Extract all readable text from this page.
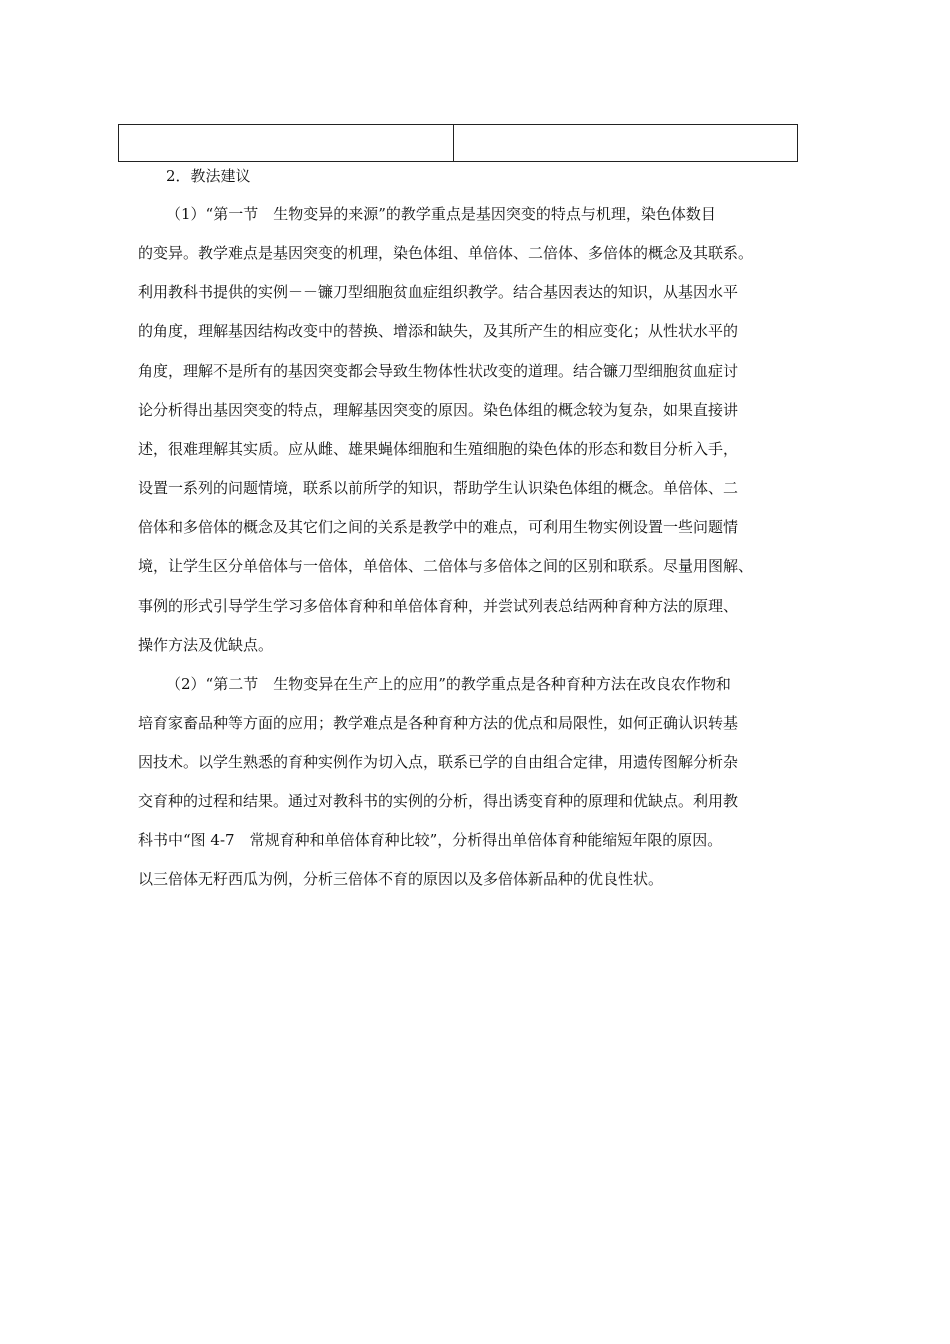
2．教法建议
（1）“第一节　生物变异的来源”的教学重点是基因突变的特点与机理，染色体数目
的变异。教学难点是基因突变的机理，染色体组、单倍体、二倍体、多倍体的概念及其联系。
利用教科书提供的实例－－镰刀型细胞贫血症组织教学。结合基因表达的知识，从基因水平
的角度，理解基因结构改变中的替换、增添和缺失，及其所产生的相应变化；从性状水平的
角度，理解不是所有的基因突变都会导致生物体性状改变的道理。结合镰刀型细胞贫血症讨
论分析得出基因突变的特点，理解基因突变的原因。染色体组的概念较为复杂，如果直接讲
述，很难理解其实质。应从雌、雄果蝇体细胞和生殖细胞的染色体的形态和数目分析入手，
设置一系列的问题情境，联系以前所学的知识，帮助学生认识染色体组的概念。单倍体、二
倍体和多倍体的概念及其它们之间的关系是教学中的难点，可利用生物实例设置一些问题情
境，让学生区分单倍体与一倍体，单倍体、二倍体与多倍体之间的区别和联系。尽量用图解、
事例的形式引导学生学习多倍体育种和单倍体育种，并尝试列表总结两种育种方法的原理、
操作方法及优缺点。
（2）“第二节　生物变异在生产上的应用”的教学重点是各种育种方法在改良农作物和
培育家畜品种等方面的应用；教学难点是各种育种方法的优点和局限性，如何正确认识转基
因技术。以学生熟悉的育种实例作为切入点，联系已学的自由组合定律，用遗传图解分析杂
交育种的过程和结果。通过对教科书的实例的分析，得出诱变育种的原理和优缺点。利用教
科书中“图 4-7　常规育种和单倍体育种比较”，分析得出单倍体育种能缩短年限的原因。
以三倍体无籽西瓜为例，分析三倍体不育的原因以及多倍体新品种的优良性状。
